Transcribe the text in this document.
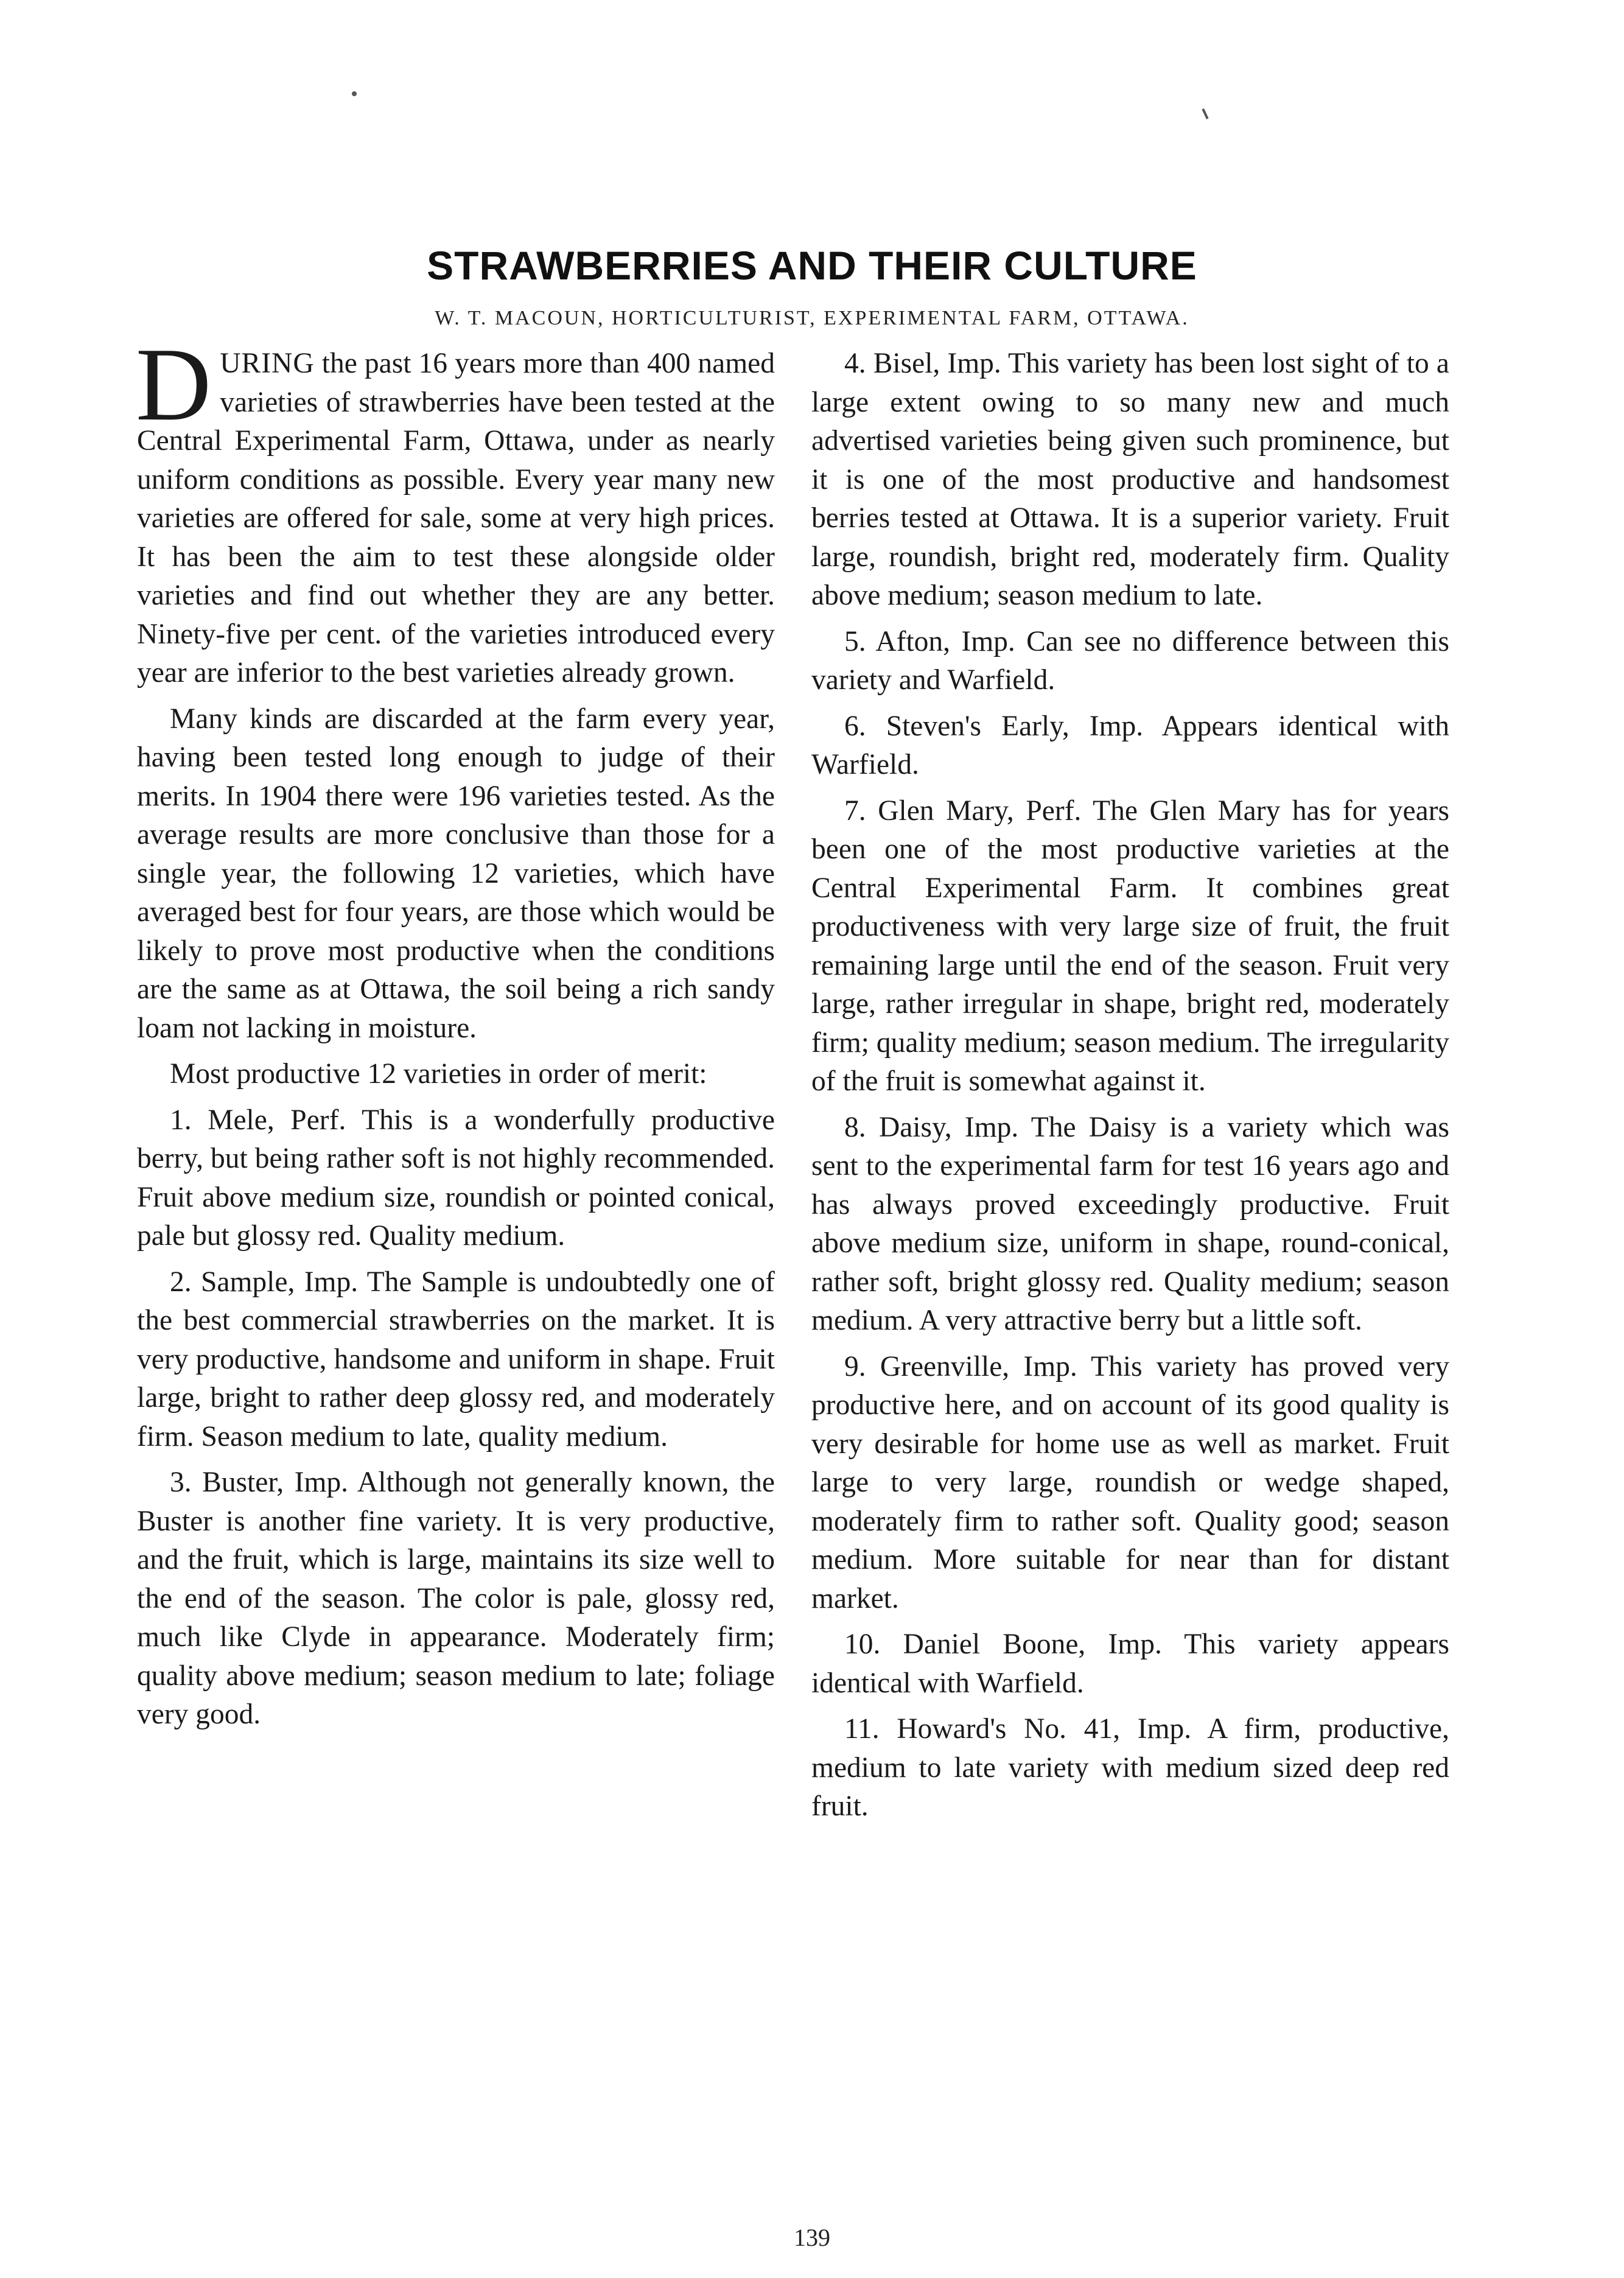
STRAWBERRIES AND THEIR CULTURE
W. T. MACOUN, HORTICULTURIST, EXPERIMENTAL FARM, OTTAWA.

DURING the past 16 years more than 400 named varieties of strawberries have been tested at the Central Experimental Farm, Ottawa, under as nearly uniform conditions as possible. Every year many new varieties are offered for sale, some at very high prices. It has been the aim to test these alongside older varieties and find out whether they are any better. Ninety-five per cent. of the varieties introduced every year are inferior to the best varieties already grown.

Many kinds are discarded at the farm every year, having been tested long enough to judge of their merits. In 1904 there were 196 varieties tested. As the average results are more conclusive than those for a single year, the following 12 varieties, which have averaged best for four years, are those which would be likely to prove most productive when the conditions are the same as at Ottawa, the soil being a rich sandy loam not lacking in moisture.

Most productive 12 varieties in order of merit:

1. Mele, Perf. This is a wonderfully productive berry, but being rather soft is not highly recommended. Fruit above medium size, roundish or pointed conical, pale but glossy red. Quality medium.

2. Sample, Imp. The Sample is undoubtedly one of the best commercial strawberries on the market. It is very productive, handsome and uniform in shape. Fruit large, bright to rather deep glossy red, and moderately firm. Season medium to late, quality medium.

3. Buster, Imp. Although not generally known, the Buster is another fine variety. It is very productive, and the fruit, which is large, maintains its size well to the end of the season. The color is pale, glossy red, much like Clyde in appearance. Moderately firm; quality above medium; season medium to late; foliage very good.

4. Bisel, Imp. This variety has been lost sight of to a large extent owing to so many new and much advertised varieties being given such prominence, but it is one of the most productive and handsomest berries tested at Ottawa. It is a superior variety. Fruit large, roundish, bright red, moderately firm. Quality above medium; season medium to late.

5. Afton, Imp. Can see no difference between this variety and Warfield.

6. Steven's Early, Imp. Appears identical with Warfield.

7. Glen Mary, Perf. The Glen Mary has for years been one of the most productive varieties at the Central Experimental Farm. It combines great productiveness with very large size of fruit, the fruit remaining large until the end of the season. Fruit very large, rather irregular in shape, bright red, moderately firm; quality medium; season medium. The irregularity of the fruit is somewhat against it.

8. Daisy, Imp. The Daisy is a variety which was sent to the experimental farm for test 16 years ago and has always proved exceedingly productive. Fruit above medium size, uniform in shape, round-conical, rather soft, bright glossy red. Quality medium; season medium. A very attractive berry but a little soft.

9. Greenville, Imp. This variety has proved very productive here, and on account of its good quality is very desirable for home use as well as market. Fruit large to very large, roundish or wedge shaped, moderately firm to rather soft. Quality good; season medium. More suitable for near than for distant market.

10. Daniel Boone, Imp. This variety appears identical with Warfield.

11. Howard's No. 41, Imp. A firm, productive, medium to late variety with medium sized deep red fruit.

139
